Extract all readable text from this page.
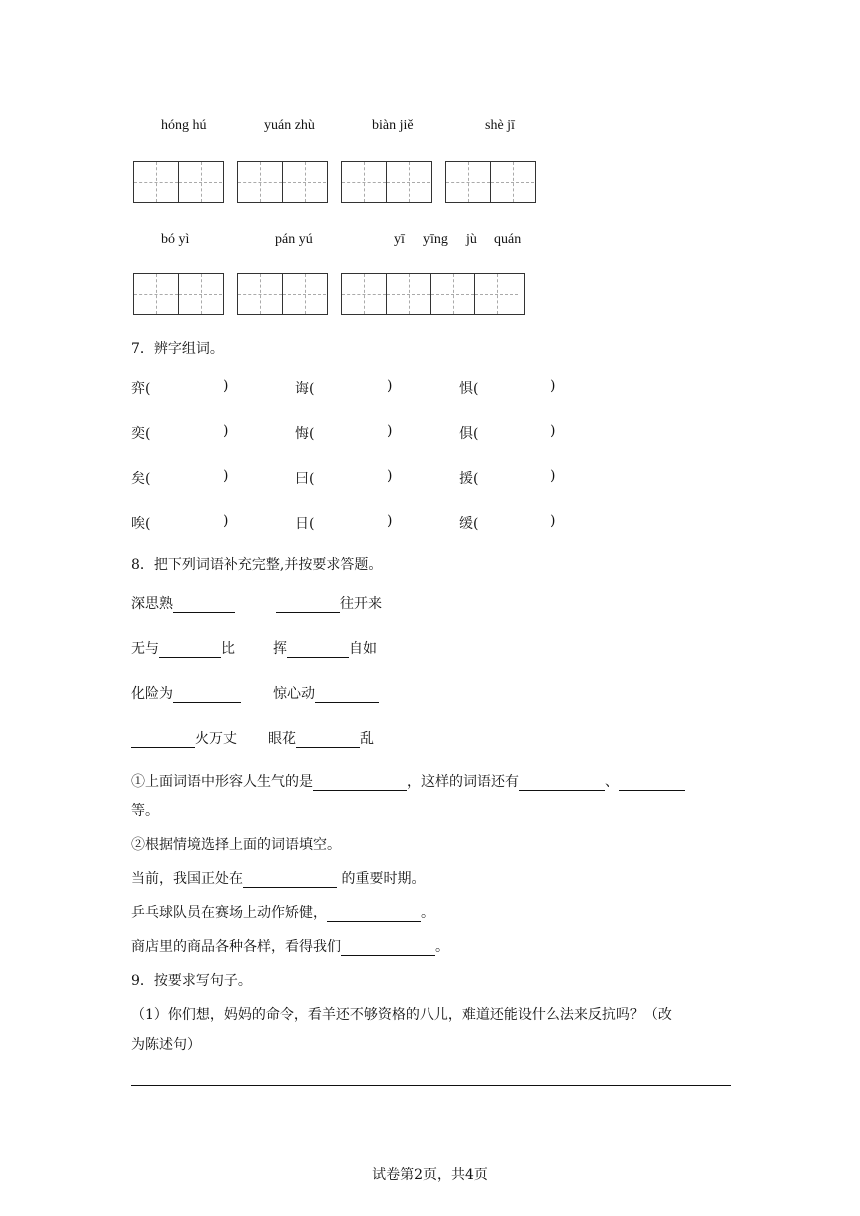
hóng hú	yuán zhù	biàn jiě	shè jī
bó yì	pán yú	yī yīng jù quán
7．辨字组词。
弈(	)	诲(	)	惧(	)
奕(	)	悔(	)	俱(	)
矣(	)	曰(	)	援(	)
唉(	)	日(	)	缓(	)
8．把下列词语补充完整,并按要求答题。
深思熟	往开来
无与	比	挥	自如
化险为	惊心动
火万丈 眼花	乱
①上面词语中形容人生气的是	，这样的词语还有	、
等。
②根据情境选择上面的词语填空。
当前，我国正处在	的重要时期。
乒乓球队员在赛场上动作矫健，	。
商店里的商品各种各样，看得我们	。
9．按要求写句子。
（1）你们想，妈妈的命令，看羊还不够资格的八儿，难道还能设什么法来反抗吗？（改
为陈述句）
试卷第2页，共4页
